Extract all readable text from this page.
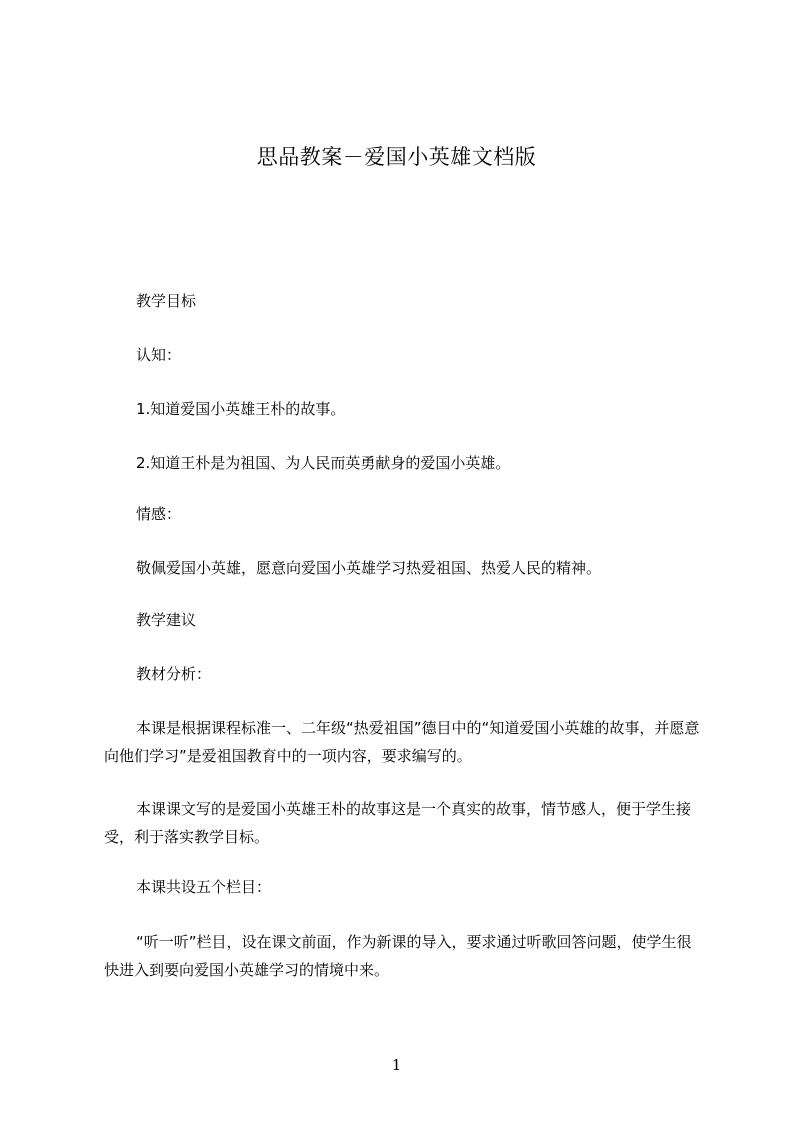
思品教案－爱国小英雄文档版
教学目标
认知：
1.知道爱国小英雄王朴的故事。
2.知道王朴是为祖国、为人民而英勇献身的爱国小英雄。
情感：
敬佩爱国小英雄，愿意向爱国小英雄学习热爱祖国、热爱人民的精神。
教学建议
教材分析：
本课是根据课程标准一、二年级“热爱祖国”德目中的“知道爱国小英雄的故事，并愿意向他们学习”是爱祖国教育中的一项内容，要求编写的。
本课课文写的是爱国小英雄王朴的故事这是一个真实的故事，情节感人，便于学生接受，利于落实教学目标。
本课共设五个栏目：
“听一听”栏目，设在课文前面，作为新课的导入，要求通过听歌回答问题，使学生很快进入到要向爱国小英雄学习的情境中来。
1
